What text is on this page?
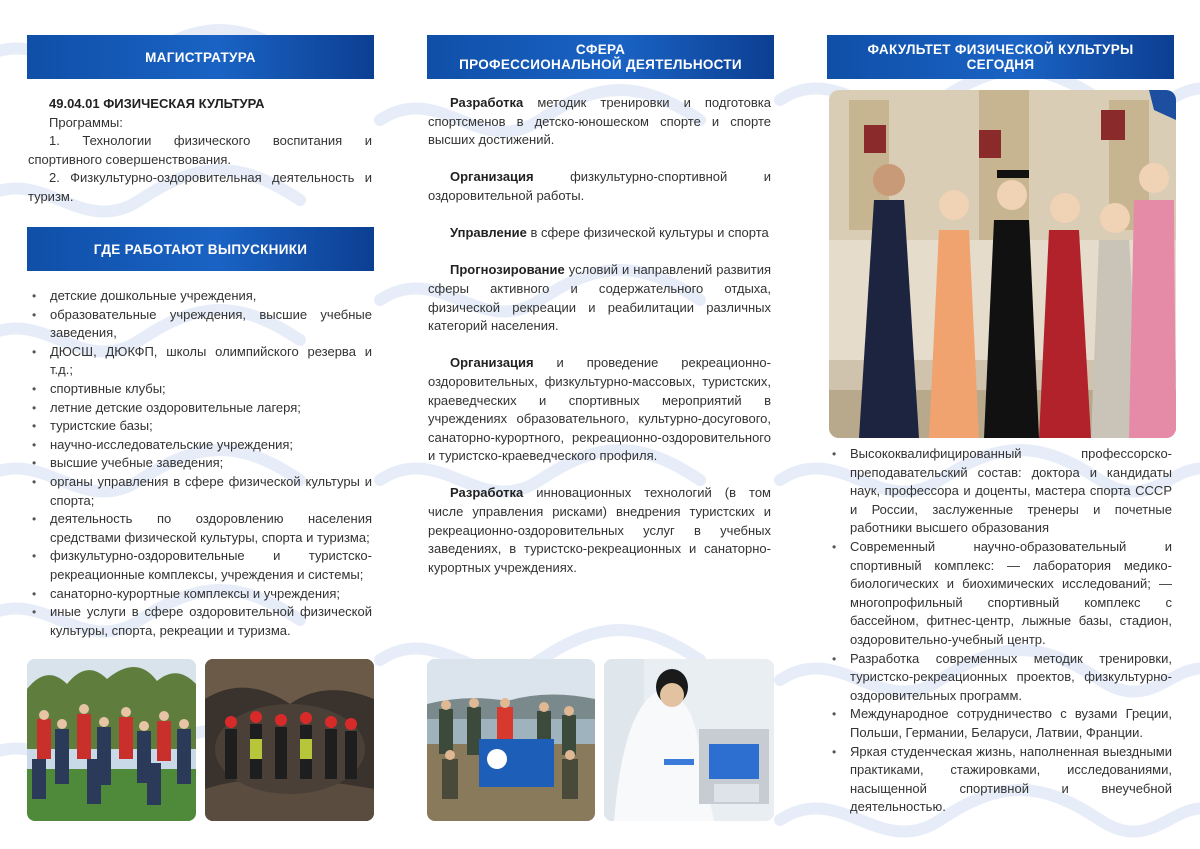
МАГИСТРАТУРА
49.04.01 ФИЗИЧЕСКАЯ КУЛЬТУРА
Программы:
1. Технологии физического воспитания и спортивного совершенствования.
2. Физкультурно-оздоровительная деятельность и туризм.
ГДЕ РАБОТАЮТ ВЫПУСКНИКИ
• детские дошкольные учреждения,
• образовательные учреждения, высшие учебные заведения,
• ДЮСШ, ДЮКФП, школы олимпийского резерва и т.д.;
• спортивные клубы;
• летние детские оздоровительные лагеря;
• туристские базы;
• научно-исследовательские учреждения;
• высшие учебные заведения;
• органы управления в сфере физической культуры и спорта;
• деятельность по оздоровлению населения средствами физической культуры, спорта и туризма;
• физкультурно-оздоровительные и туристско-рекреационные комплексы, учреждения и системы;
• санаторно-курортные комплексы и учреждения;
• иные услуги в сфере оздоровительной физической культуры, спорта, рекреации и туризма.
СФЕРА
ПРОФЕССИОНАЛЬНОЙ ДЕЯТЕЛЬНОСТИ

Разработка методик тренировки и подготовка спортсменов в детско-юношеском спорте и спорте высших достижений.

Организация физкультурно-спортивной и оздоровительной работы.

Управление в сфере физической культуры и спорта

Прогнозирование условий и направлений развития сферы активного и содержательного отдыха, физической рекреации и реабилитации различных категорий населения.

Организация и проведение рекреационно-оздоровительных, физкультурно-массовых, туристских, краеведческих и спортивных мероприятий в учреждениях образовательного, культурно-досугового, санаторно-курортного, рекреационно-оздоровительного и туристско-краеведческого профиля.

Разработка инновационных технологий (в том числе управления рисками) внедрения туристских и рекреационно-оздоровительных услуг в учебных заведениях, в туристско-рекреационных и санаторно-курортных учреждениях.

ФАКУЛЬТЕТ ФИЗИЧЕСКОЙ КУЛЬТУРЫ
СЕГОДНЯ
• Высококвалифицированный профессорско-преподавательский состав: доктора и кандидаты наук, профессора и доценты, мастера спорта СССР и России, заслуженные тренеры и почетные работники высшего образования
• Современный научно-образовательный и спортивный комплекс: — лаборатория медико-биологических и биохимических исследований; — многопрофильный спортивный комплекс с бассейном, фитнес-центр, лыжные базы, стадион, оздоровительно-учебный центр.
• Разработка современных методик тренировки, туристско-рекреационных проектов, физкультурно-оздоровительных программ.
• Международное сотрудничество с вузами Греции, Польши, Германии, Беларуси, Латвии, Франции.
• Яркая студенческая жизнь, наполненная выездными практиками, стажировками, исследованиями, насыщенной спортивной и внеучебной деятельностью.
